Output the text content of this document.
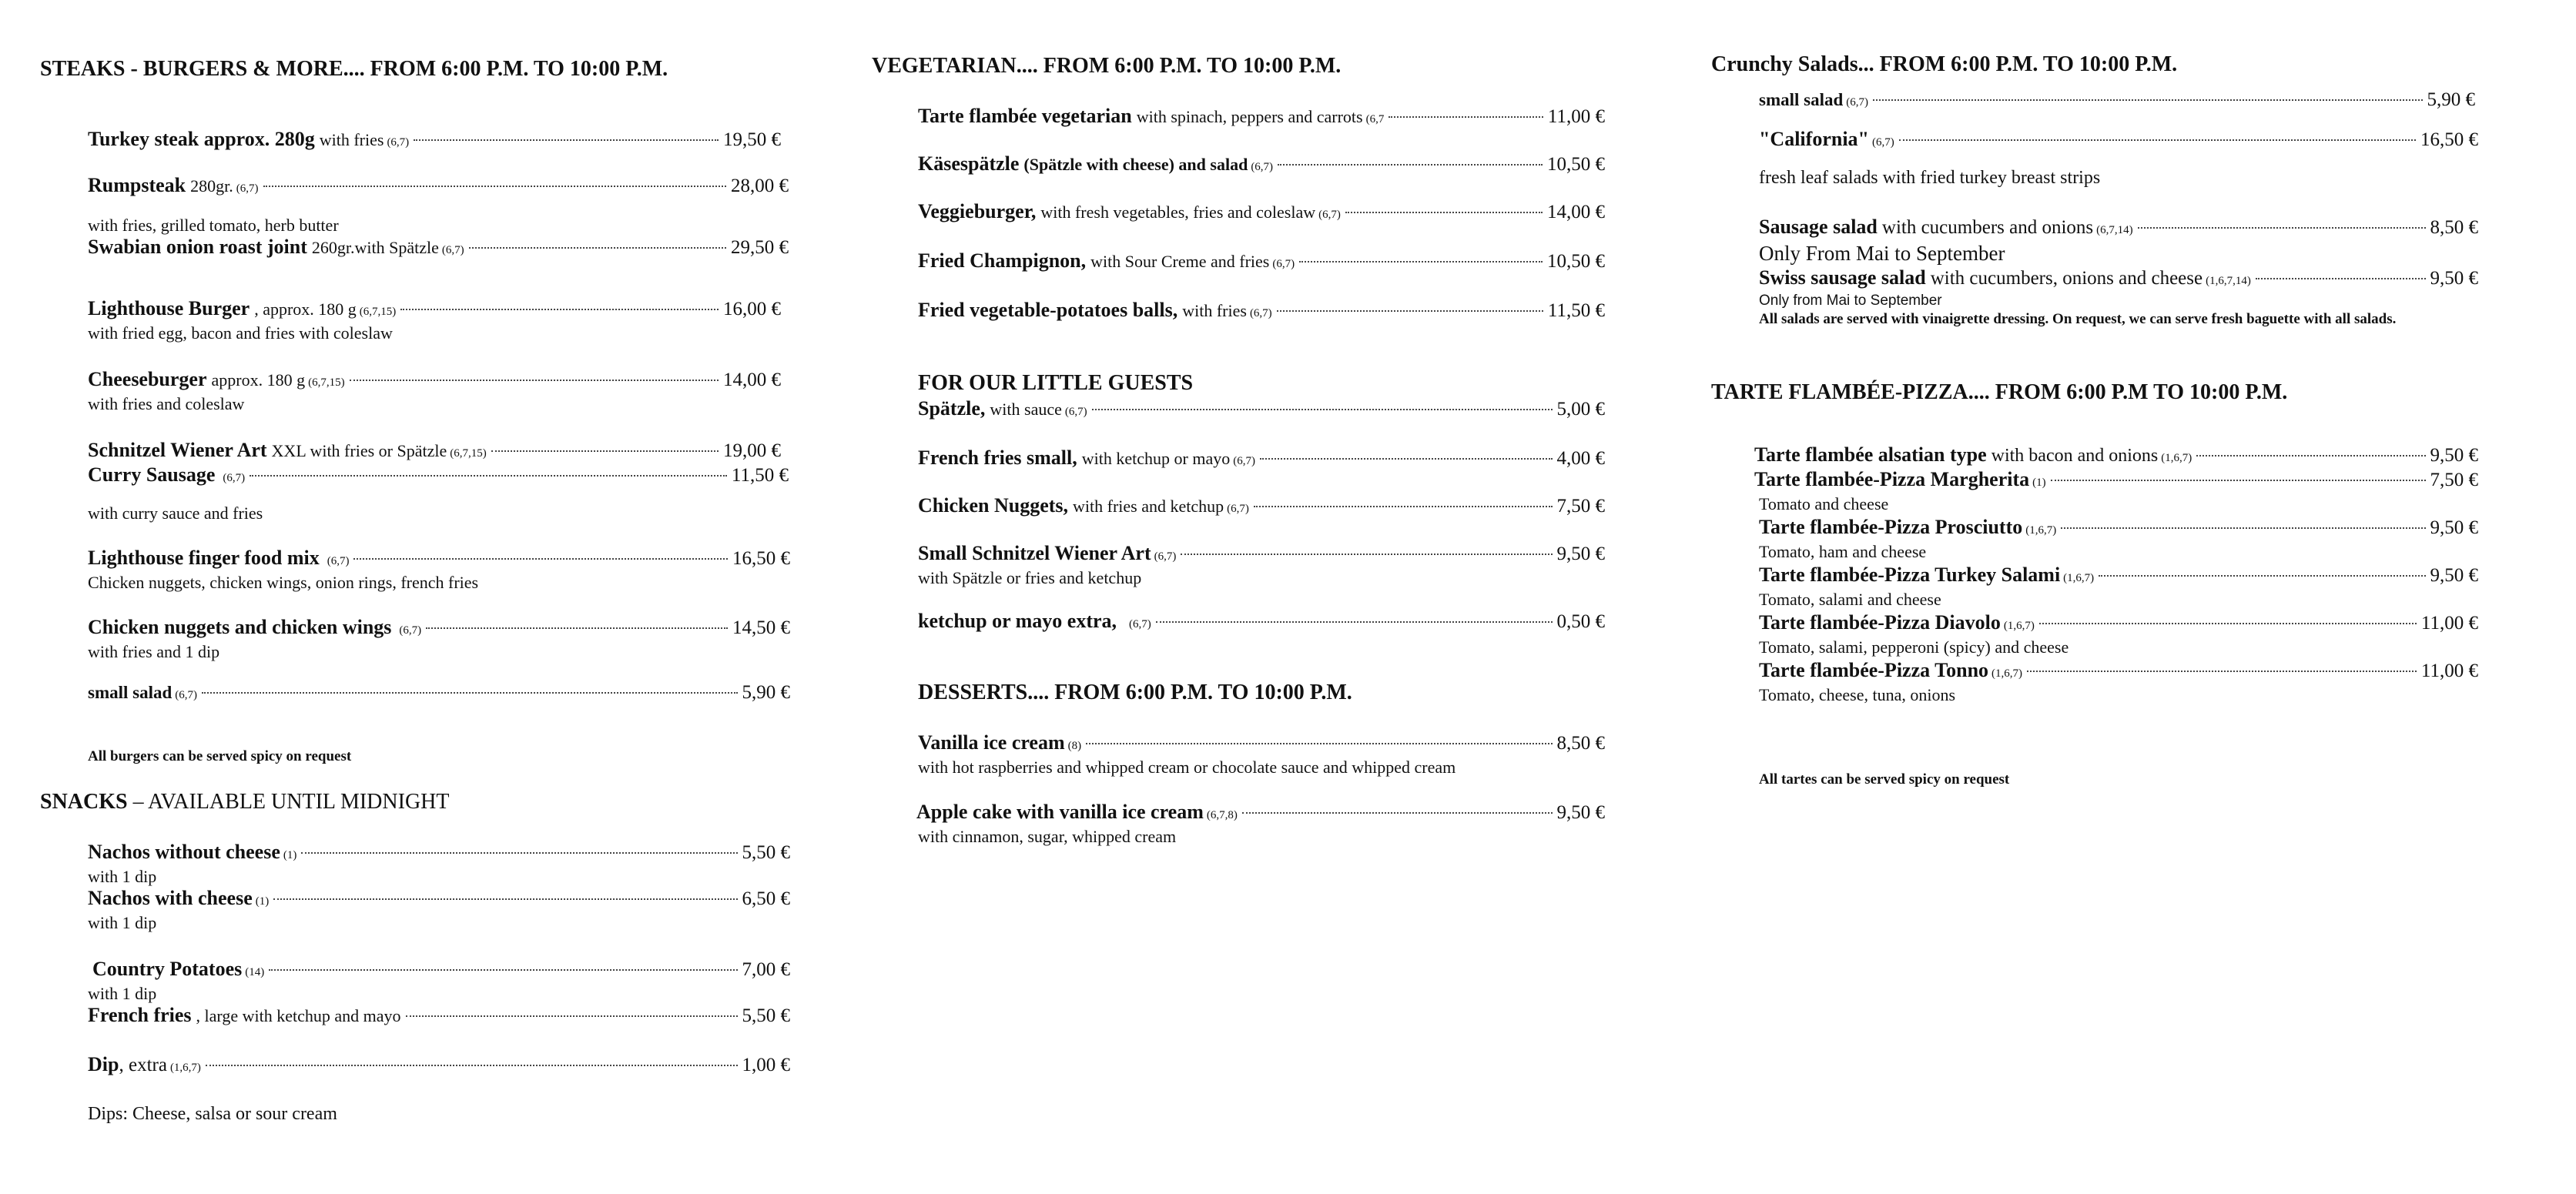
STEAKS - BURGERS & MORE.... FROM 6:00 P.M. TO 10:00 P.M.
Turkey steak approx. 280g with fries (6,7)	19,50 €
Rumpsteak 280gr. (6,7)	28,00 €
with fries, grilled tomato, herb butter
Swabian onion roast joint 260gr.with Spätzle (6,7)	29,50 €
Lighthouse Burger , approx. 180 g (6,7,15)	16,00 €
with fried egg, bacon and fries with coleslaw
Cheeseburger approx. 180 g (6,7,15)	14,00 €
with fries and coleslaw
Schnitzel Wiener Art XXL with fries or Spätzle (6,7,15)	19,00 €
Curry Sausage (6,7)	11,50 €
with curry sauce and fries
Lighthouse finger food mix (6,7)	16,50 €
Chicken nuggets, chicken wings, onion rings, french fries
Chicken nuggets and chicken wings (6,7)	14,50 €
with fries and 1 dip
small salad (6,7)	5,90 €
All burgers can be served spicy on request
SNACKS – AVAILABLE UNTIL MIDNIGHT
Nachos without cheese (1)	5,50 €
with 1 dip
Nachos with cheese (1)	6,50 €
with 1 dip
Country Potatoes (14)	7,00 €
with 1 dip
French fries , large with ketchup and mayo	5,50 €
Dip , extra (1,6,7)	1,00 €
Dips: Cheese, salsa or sour cream
VEGETARIAN.... FROM 6:00 P.M. TO 10:00 P.M.
Tarte flambée vegetarian with spinach, peppers and carrots (6,7	11,00 €
Käsespätzle (Spätzle with cheese) and salad (6,7)	10,50 €
Veggieburger, with fresh vegetables, fries and coleslaw (6,7)	14,00 €
Fried Champignon, with Sour Creme and fries (6,7)	10,50 €
Fried vegetable-potatoes balls, with fries (6,7)	11,50 €
FOR OUR LITTLE GUESTS
Spätzle, with sauce (6,7)	5,00 €
French fries small, with ketchup or mayo (6,7)	4,00 €
Chicken Nuggets, with fries and ketchup (6,7)	7,50 €
Small Schnitzel Wiener Art (6,7)	9,50 €
with Spätzle or fries and ketchup
ketchup or mayo extra, (6,7)	0,50 €
DESSERTS.... FROM 6:00 P.M. TO 10:00 P.M.
Vanilla ice cream (8)	8,50 €
with hot raspberries and whipped cream or chocolate sauce and whipped cream
Apple cake with vanilla ice cream (6,7,8)	9,50 €
with cinnamon, sugar, whipped cream
Crunchy Salads... FROM 6:00 P.M. TO 10:00 P.M.
small salad (6,7)	5,90 €
"California" (6,7)	16,50 €
fresh leaf salads with fried turkey breast strips
Sausage salad with cucumbers and onions (6,7,14)	8,50 €
Only From Mai to September
Swiss sausage salad with cucumbers, onions and cheese (1,6,7,14)	9,50 €
Only from Mai to September
All salads are served with vinaigrette dressing. On request, we can serve fresh baguette with all salads.
TARTE FLAMBÉE-PIZZA.... FROM 6:00 P.M TO 10:00 P.M.
Tarte flambée alsatian type with bacon and onions (1,6,7)	9,50 €
Tarte flambée-Pizza Margherita (1)	7,50 €
Tomato and cheese
Tarte flambée-Pizza Prosciutto (1,6,7)	9,50 €
Tomato, ham and cheese
Tarte flambée-Pizza Turkey Salami (1,6,7)	9,50 €
Tomato, salami and cheese
Tarte flambée-Pizza Diavolo (1,6,7)	11,00 €
Tomato, salami, pepperoni (spicy) and cheese
Tarte flambée-Pizza Tonno (1,6,7)	11,00 €
Tomato, cheese, tuna, onions
All tartes can be served spicy on request
